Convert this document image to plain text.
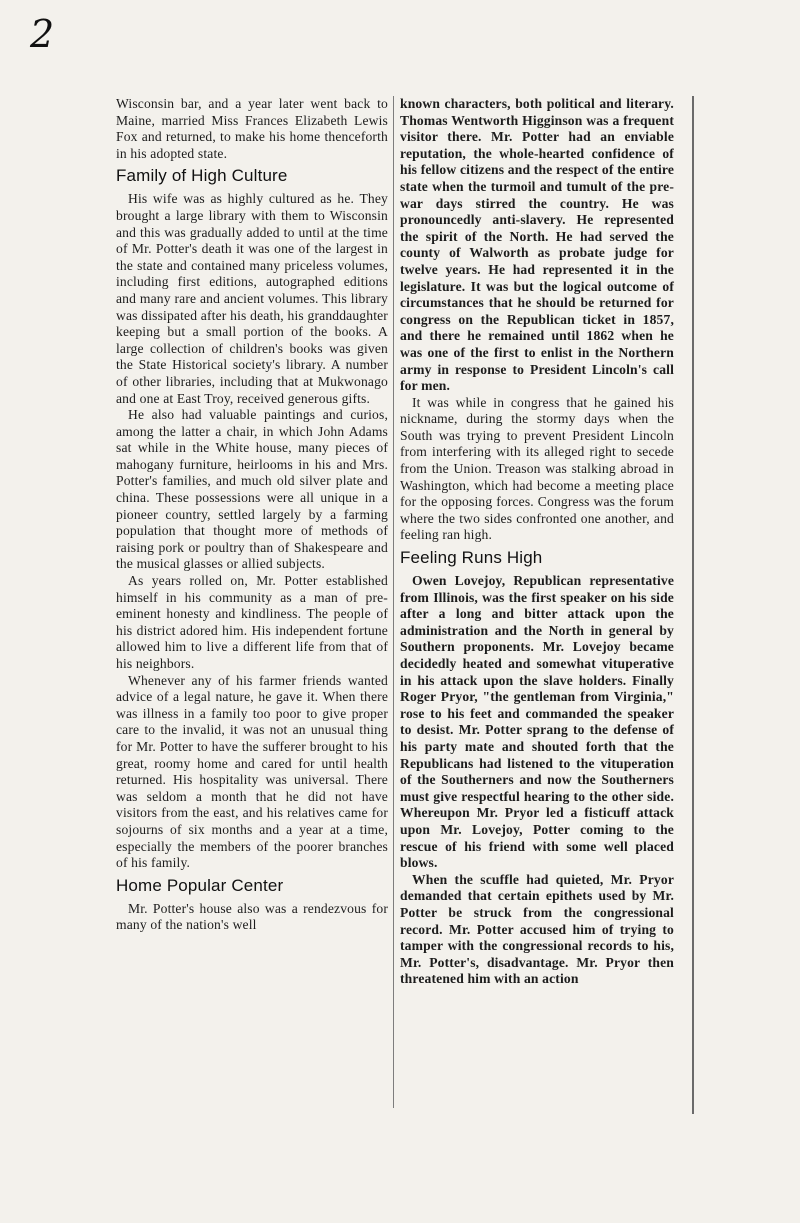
2

Wisconsin bar, and a year later went back to Maine, married Miss Frances Elizabeth Lewis Fox and returned, to make his home thenceforth in his adopted state.

Family of High Culture

His wife was as highly cultured as he. They brought a large library with them to Wisconsin and this was gradually added to until at the time of Mr. Potter's death it was one of the largest in the state and contained many priceless volumes, including first editions, autographed editions and many rare and ancient volumes. This library was dissipated after his death, his granddaughter keeping but a small portion of the books. A large collection of children's books was given the State Historical society's library. A number of other libraries, including that at Mukwonago and one at East Troy, received generous gifts.

He also had valuable paintings and curios, among the latter a chair, in which John Adams sat while in the White house, many pieces of mahogany furniture, heirlooms in his and Mrs. Potter's families, and much old silver plate and china. These possessions were all unique in a pioneer country, settled largely by a farming population that thought more of methods of raising pork or poultry than of Shakespeare and the musical glasses or allied subjects.

As years rolled on, Mr. Potter established himself in his community as a man of pre-eminent honesty and kindliness. The people of his district adored him. His independent fortune allowed him to live a different life from that of his neighbors.

Whenever any of his farmer friends wanted advice of a legal nature, he gave it. When there was illness in a family too poor to give proper care to the invalid, it was not an unusual thing for Mr. Potter to have the sufferer brought to his great, roomy home and cared for until health returned. His hospitality was universal. There was seldom a month that he did not have visitors from the east, and his relatives came for sojourns of six months and a year at a time, especially the members of the poorer branches of his family.

Home Popular Center

Mr. Potter's house also was a rendezvous for many of the nation's well

known characters, both political and literary. Thomas Wentworth Higginson was a frequent visitor there. Mr. Potter had an enviable reputation, the whole-hearted confidence of his fellow citizens and the respect of the entire state when the turmoil and tumult of the pre-war days stirred the country. He was pronouncedly anti-slavery. He represented the spirit of the North. He had served the county of Walworth as probate judge for twelve years. He had represented it in the legislature. It was but the logical outcome of circumstances that he should be returned for congress on the Republican ticket in 1857, and there he remained until 1862 when he was one of the first to enlist in the Northern army in response to President Lincoln's call for men.

It was while in congress that he gained his nickname, during the stormy days when the South was trying to prevent President Lincoln from interfering with its alleged right to secede from the Union. Treason was stalking abroad in Washington, which had become a meeting place for the opposing forces. Congress was the forum where the two sides confronted one another, and feeling ran high.

Feeling Runs High

Owen Lovejoy, Republican representative from Illinois, was the first speaker on his side after a long and bitter attack upon the administration and the North in general by Southern proponents. Mr. Lovejoy became decidedly heated and somewhat vituperative in his attack upon the slave holders. Finally Roger Pryor, "the gentleman from Virginia," rose to his feet and commanded the speaker to desist. Mr. Potter sprang to the defense of his party mate and shouted forth that the Republicans had listened to the vituperation of the Southerners and now the Southerners must give respectful hearing to the other side. Whereupon Mr. Pryor led a fisticuff attack upon Mr. Lovejoy, Potter coming to the rescue of his friend with some well placed blows.

When the scuffle had quieted, Mr. Pryor demanded that certain epithets used by Mr. Potter be struck from the congressional record. Mr. Potter accused him of trying to tamper with the congressional records to his, Mr. Potter's, disadvantage. Mr. Pryor then threatened him with an action
